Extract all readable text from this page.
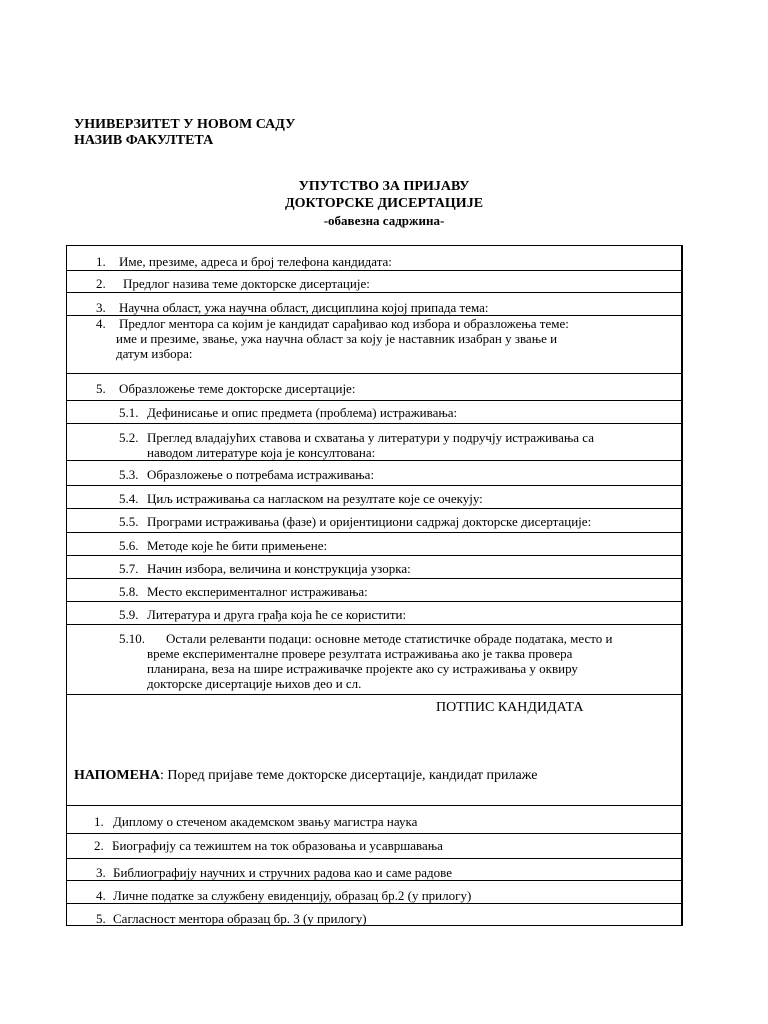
УНИВЕРЗИТЕТ У НОВОМ САДУ
НАЗИВ ФАКУЛТЕТА
УПУТСТВО ЗА ПРИЈАВУ
ДОКТОРСКЕ ДИСЕРТАЦИЈЕ
-обавезна садржина-
1. Име, презиме, адреса и број телефона кандидата:
2. Предлог назива теме докторске дисертације:
3. Научна област, ужа научна област, дисциплина којој припада тема:
4. Предлог ментора са којим је кандидат сарађивао код избора и образложења теме:
име и презиме, звање, ужа научна област за коју је наставник изабран у звање и
датум избора:
5. Образложење теме докторске дисертације:
5.1. Дефинисање и опис предмета (проблема) истраживања:
5.2. Преглед владајућих ставова и схватања у литератури у подручју истраживања са
наводом литературе која је консултована:
5.3. Образложење о потребама истраживања:
5.4. Циљ истраживања са нагласком на резултате које се очекују:
5.5. Програми истраживања (фазе) и оријентициони садржај докторске дисертације:
5.6. Методе које ће бити примењене:
5.7. Начин избора, величина и конструкција узорка:
5.8. Место експерименталног истраживања:
5.9. Литература и друга грађа која ће се користити:
5.10. Остали релеванти подаци: основне методе статистичке обраде података, место и
време експерименталне провере резултата истраживања ако је таква провера
планирана, веза на шире истраживачке пројекте ако су истраживања у оквиру
докторске дисертације њихов део и сл.
ПОТПИС КАНДИДАТА
НАПОМЕНА: Поред пријаве теме докторске дисертације, кандидат прилаже
1. Диплому о стеченом академском звању магистра наука
2. Биографију са тежиштем на ток образовања и усавршавања
3. Библиографију научних и стручних радова као и саме радове
4. Личне податке за службену евиденцију, образац бр.2 (у прилогу)
5. Сагласност ментора образац бр. 3 (у прилогу)
